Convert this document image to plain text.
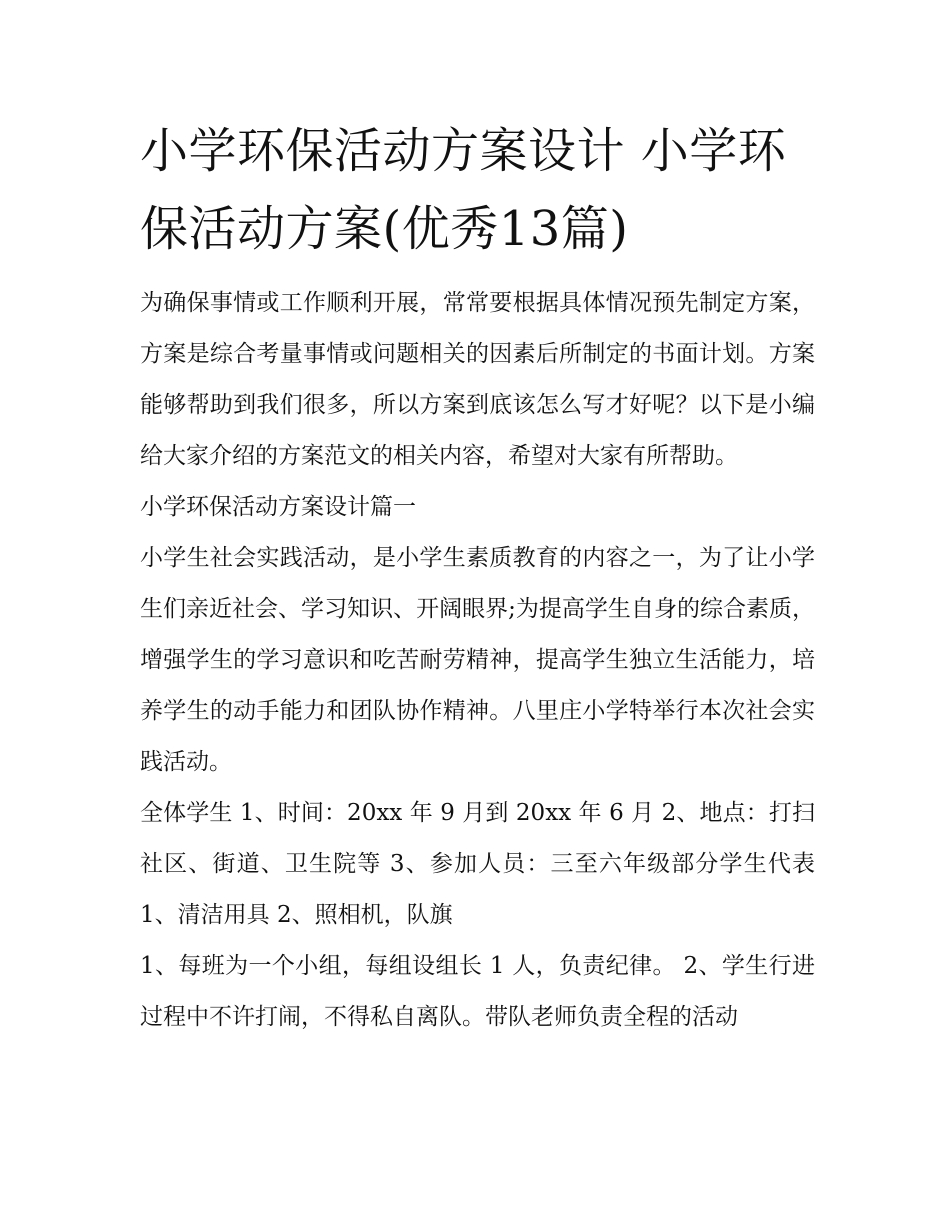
小学环保活动方案设计 小学环保活动方案(优秀13篇)

为确保事情或工作顺利开展，常常要根据具体情况预先制定方案，方案是综合考量事情或问题相关的因素后所制定的书面计划。方案能够帮助到我们很多，所以方案到底该怎么写才好呢？以下是小编给大家介绍的方案范文的相关内容，希望对大家有所帮助。

小学环保活动方案设计篇一

小学生社会实践活动，是小学生素质教育的内容之一，为了让小学生们亲近社会、学习知识、开阔眼界;为提高学生自身的综合素质，增强学生的学习意识和吃苦耐劳精神，提高学生独立生活能力，培养学生的动手能力和团队协作精神。八里庄小学特举行本次社会实践活动。

全体学生 1、时间：20xx 年 9 月到 20xx 年 6 月 2、地点：打扫社区、街道、卫生院等 3、参加人员：三至六年级部分学生代表 1、清洁用具 2、照相机，队旗

1、每班为一个小组，每组设组长 1 人，负责纪律。 2、学生行进过程中不许打闹，不得私自离队。带队老师负责全程的活动
